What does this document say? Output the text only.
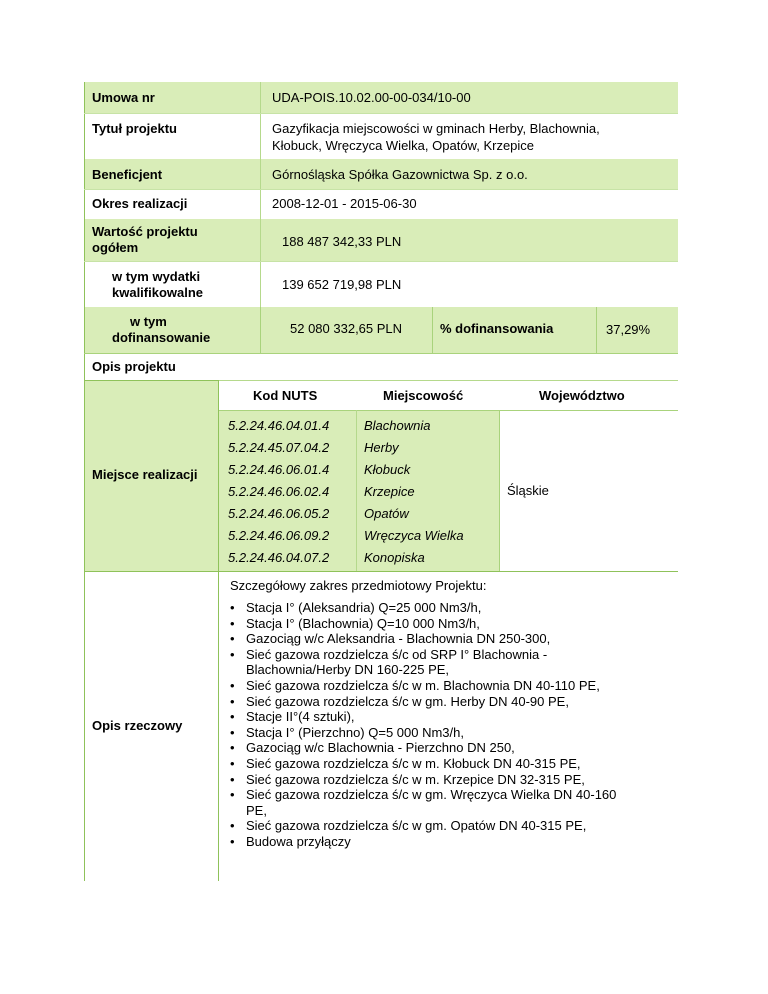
Umowa nr	UDA-POIS.10.02.00-00-034/10-00
Tytuł projektu	Gazyfikacja miejscowości w gminach Herby, Blachownia,
Kłobuck, Wręczyca Wielka, Opatów, Krzepice
Beneficjent	Górnośląska Spółka Gazownictwa Sp. z o.o.
Okres realizacji	2008-12-01 - 2015-06-30
Wartość projektu
ogółem	188 487 342,33 PLN
w tym wydatki
kwalifikowalne
139 652 719,98 PLN
w tym
dofinansowanie
52 080 332,65 PLN	% dofinansowania	37,29%
Opis projektu
Kod NUTS	Miejscowość	Województwo
Miejsce realizacji
Śląskie
5.2.24.46.04.01.4	Blachownia
5.2.24.45.07.04.2	Herby
5.2.24.46.06.01.4	Kłobuck
5.2.24.46.06.02.4	Krzepice
5.2.24.46.06.05.2	Opatów
5.2.24.46.06.09.2	Wręczyca Wielka
5.2.24.46.04.07.2	Konopiska
Opis rzeczowy
Szczegółowy zakres przedmiotowy Projektu:
• Stacja I° (Aleksandria) Q=25 000 Nm3/h,
• Stacja I° (Blachownia) Q=10 000 Nm3/h,
• Gazociąg w/c Aleksandria - Blachownia DN 250-300,
• Sieć gazowa rozdzielcza ś/c od SRP I° Blachownia -
Blachownia/Herby DN 160-225 PE,
• Sieć gazowa rozdzielcza ś/c w m. Blachownia DN 40-110 PE,
• Sieć gazowa rozdzielcza ś/c w gm. Herby DN 40-90 PE,
• Stacje II°(4 sztuki),
• Stacja I° (Pierzchno) Q=5 000 Nm3/h,
• Gazociąg w/c Blachownia - Pierzchno DN 250,
• Sieć gazowa rozdzielcza ś/c w m. Kłobuck DN 40-315 PE,
• Sieć gazowa rozdzielcza ś/c w m. Krzepice DN 32-315 PE,
• Sieć gazowa rozdzielcza ś/c w gm. Wręczyca Wielka DN 40-160
PE,
• Sieć gazowa rozdzielcza ś/c w gm. Opatów DN 40-315 PE,
• Budowa przyłączy
